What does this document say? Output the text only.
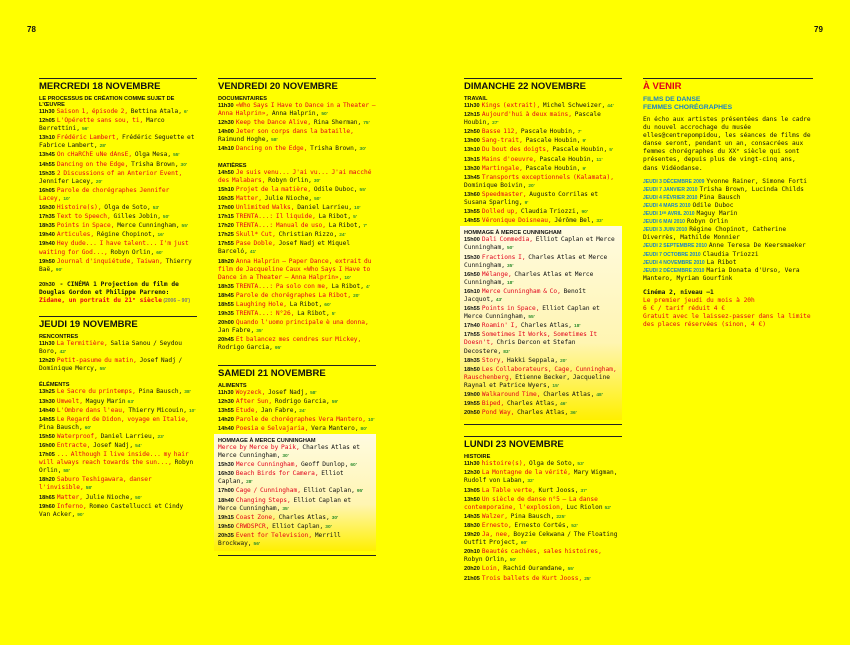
78	79
MERCREDI 18 NOVEMBRE
LE PROCESSUS DE CRÉATION COMME SUJET DE L'ŒUVRE
11h30 Saison 1, épisode 2, Bettina Atala, 6'
12h05 L'Opérette sans sou, ti, Marco Berrettini, 56'
13h10 Frédéric Lambert, Frédéric Seguette et Fabrice Lambert, 28'
13h45 On cHaRChE uNe dAnsE, Olga Mesa, 55'
14h55 Dancing on the Edge, Trisha Brown, 30'
15h35 2 Discussions of an Anterior Event, Jennifer Lacey, 20'
16h05 Parole de chorégraphes Jennifer Lacey, 10'
16h30 Histoire(s), Olga de Soto, 53'
17h35 Text to Speech, Gilles Jobin, 50'
18h35 Points in Space, Merce Cunningham, 55'
19h40 Articules, Régine Chopinot, 16'
19h40 Hey dude... I have talent... I'm just waiting for God..., Robyn Orlin, 60'
19h50 Journal d'inquiétude, Taiwan, Thierry Baë, 90'
20h30 - CINÉMA 1 Projection du film de Douglas Gordon et Philippe Parreno: Zidane, un portrait du 21ᵉ siècle (2006 – 90')
JEUDI 19 NOVEMBRE
RENCONTRES
11h30 La Termitière, Salia Sanou / Seydou Boro, 42'
12h20 Petit-pasume du matin, Josef Nadj / Dominique Mercy, 55'
ÉLÉMENTS
13h25 Le Sacre du printemps, Pina Bausch, 38'
13h30 Umwelt, Maguy Marin 63'
14h40 L'Ombre dans l'eau, Thierry Micouin, 10'
14h55 Le Regard de Didon, voyage en Italie, Pina Bausch, 60'
15h50 Waterproof, Daniel Larrieu, 23'
16h00 Entracte, Josef Nadj, 54'
17h05 ... Although I live inside... my hair will always reach towards the sun..., Robyn Orlin, 58'
18h20 Saburo Teshigawara, danser l'invisible, 58'
18h65 Matter, Julie Nioche, 50'
19h60 Inferno, Romeo Castellucci et Cindy Van Acker, 90'
VENDREDI 20 NOVEMBRE
DOCUMENTAIRES
11h30 «Who Says I Have to Dance in a Theater — Anna Halprin», Anna Halprin, 50'
12h30 Keep the Dance Alive, Rina Sherman, 75'
14h00 Jeter son corps dans la bataille, Raimund Hoghe, 58'
14h10 Dancing on the Edge, Trisha Brown, 30'
MATIÈRES
14h50 Je suis venu... J'ai vu... J'ai macché des Malabars, Robyn Orlin, 30'
15h10 Projet de la matière, Odile Duboc, 55'
16h35 Matter, Julie Nioche, 50'
17h00 Unlimited Walks, Daniel Larrieu, 10'
17h15 TRENTA...: Il liquide, La Ribot, 5'
17h20 TRENTA...: Manual de uso, La Ribot, 7'
17h25 Skull* Cut, Christian Rizzo, 24'
17h55 Pase Doble, Josef Nadj et Miquel Barceló, 41'
18h20 Anna Halprin — Paper Dance, extrait du film de Jacqueline Caux «Who Says I Have to Dance in a Theater — Anna Halprin», 10'
18h35 TRENTA...: Pa solo con me, La Ribot, 4'
18h45 Parole de chorégraphes La Ribot, 20'
18h55 Laughing Hole, La Ribot, 60'
19h35 TRENTA...: N°26, La Ribot, 5'
20h00 Quando l'uomo principale è una donna, Jan Fabre, 35'
20h45 Et balancez mes cendres sur Mickey, Rodrigo Garcia, 95'
SAMEDI 21 NOVEMBRE
ALIMENTS
11h30 Woyzeck, Josef Nadj, 58'
12h30 After Sun, Rodrigo Garcia, 59'
13h55 Etude, Jan Fabre, 24'
14h20 Parole de chorégraphes Vera Mantero, 10'
14h40 Poesia e Selvajaria, Vera Mantero, 80'
HOMMAGE À MERCE CUNNINGHAM
Merce by Merce by Paik, Charles Atlas et Merce Cunningham, 30'
15h30 Merce Cunningham, Geoff Dunlop, 60'
16h30 Beach Birds for Camera, Elliot Caplan, 28'
17h00 Cage / Cunningham, Elliot Caplan, 95'
18h40 Changing Steps, Elliot Caplan et Merce Cunningham, 35'
19h15 Coast Zone, Charles Atlas, 30'
19h50 CRWDSPCR, Elliot Caplan, 30'
20h35 Event for Television, Merrill Brockway, 56'
DIMANCHE 22 NOVEMBRE
TRAVAIL
11h30 Kings (extrait), Michel Schweizer, 44'
12h15 Aujourd'hui à deux mains, Pascale Houbin, 27'
12h50 Basse 112, Pascale Houbin, 7'
13h00 Sang-trait, Pascale Houbin, 9'
13h10 Du bout des doigts, Pascale Houbin, 5'
13h15 Mains d'oeuvre, Pascale Houbin, 11'
13h30 Martingale, Pascale Houbin, 9'
13h45 Transports exceptionnels (Kalamata), Dominique Boivin, 20'
13h60 Speedmaster, Augusto Corrilas et Susana Sparling, 9'
13h55 Dolled up, Claudia Triozzi, 90'
14h55 Véronique Doisneau, Jérôme Bel, 33'
HOMMAGE À MERCE CUNNINGHAM
15h00 Dali Commedia, Elliot Caplan et Merce Cunningham, 50'
15h30 Fractions I, Charles Atlas et Merce Cunningham, 35'
16h50 Mélange, Charles Atlas et Merce Cunningham, 18'
16h10 Merce Cunningham & Co, Benoît Jacquot, 43'
16h55 Points in Space, Elliot Caplan et Merce Cunningham, 55'
17h40 Roamin' I, Charles Atlas, 18'
17h55 Sometimes It Works, Sometimes It Doesn't, Chris Dercon et Stefan Decostere, 83'
18h35 Story, Hakki Seppala, 20'
18h50 Les Collaborateurs, Cage, Cunningham, Rauschenberg, Etienne Becker, Jacqueline Raynal et Patrice Wyers, 15'
19h00 Walkaround Time, Charles Atlas, 48'
19h55 Biped, Charles Atlas, 46'
20h50 Pond Way, Charles Atlas, 36'
LUNDI 23 NOVEMBRE
HISTOIRE
11h30 histoire(s), Olga de Soto, 53'
12h30 La Montagne de la vérité, Mary Wigman, Rudolf von Laban, 32'
13h05 La Table verte, Kurt Jooss, 37'
13h50 Un siècle de danse n°5 — La danse contemporaine, l'explosion, Luc Riolon 52'
14h35 Walzer, Pina Bausch, 225'
18h30 Ernesto, Ernesto Cortés, 52'
19h20 Ja, nee, Boyzie Cekwana / The Floating Outfit Project, 60'
20h10 Beautés cachées, sales histoires, Robyn Orlin, 50'
20h20 Loin, Rachid Ouramdane, 55'
21h05 Trois ballets de Kurt Jooss, 25'
À VENIR
FILMS DE DANSE
FEMMES CHORÉGRAPHES
En écho aux artistes présentées dans le cadre du nouvel accrochage du musée elles@centrepompidou, les séances de films de danse seront, pendant un an, consacrées aux femmes chorégraphes du XXᵉ siècle qui sont présentes, depuis plus de vingt-cinq ans, dans Vidéodanse.
JEUDI 3 DÉCEMBRE 2009 Yvonne Rainer, Simone Forti
JEUDI 7 JANVIER 2010 Trisha Brown, Lucinda Childs
JEUDI 4 FÉVRIER 2010 Pina Bausch
JEUDI 4 MARS 2010 Odile Duboc
JEUDI 1ᴱᴿ AVRIL 2010 Maguy Marin
JEUDI 6 MAI 2010 Robyn Orlin
JEUDI 3 JUIN 2010 Régine Chopinot, Catherine Diverrès, Mathilde Monnier
JEUDI 2 SEPTEMBRE 2010 Anne Teresa De Keersmaeker
JEUDI 7 OCTOBRE 2010 Claudia Triozzi
JEUDI 4 NOVEMBRE 2010 La Ribot
JEUDI 2 DÉCEMBRE 2010 Maria Donata d'Urso, Vera Mantero, Myriam Gourfink
Cinéma 2, niveau –1
Le premier jeudi du mois à 20h
6 € / tarif réduit 4 €
Gratuit avec le laissez-passer dans la limite des places réservées (sinon, 4 €)
